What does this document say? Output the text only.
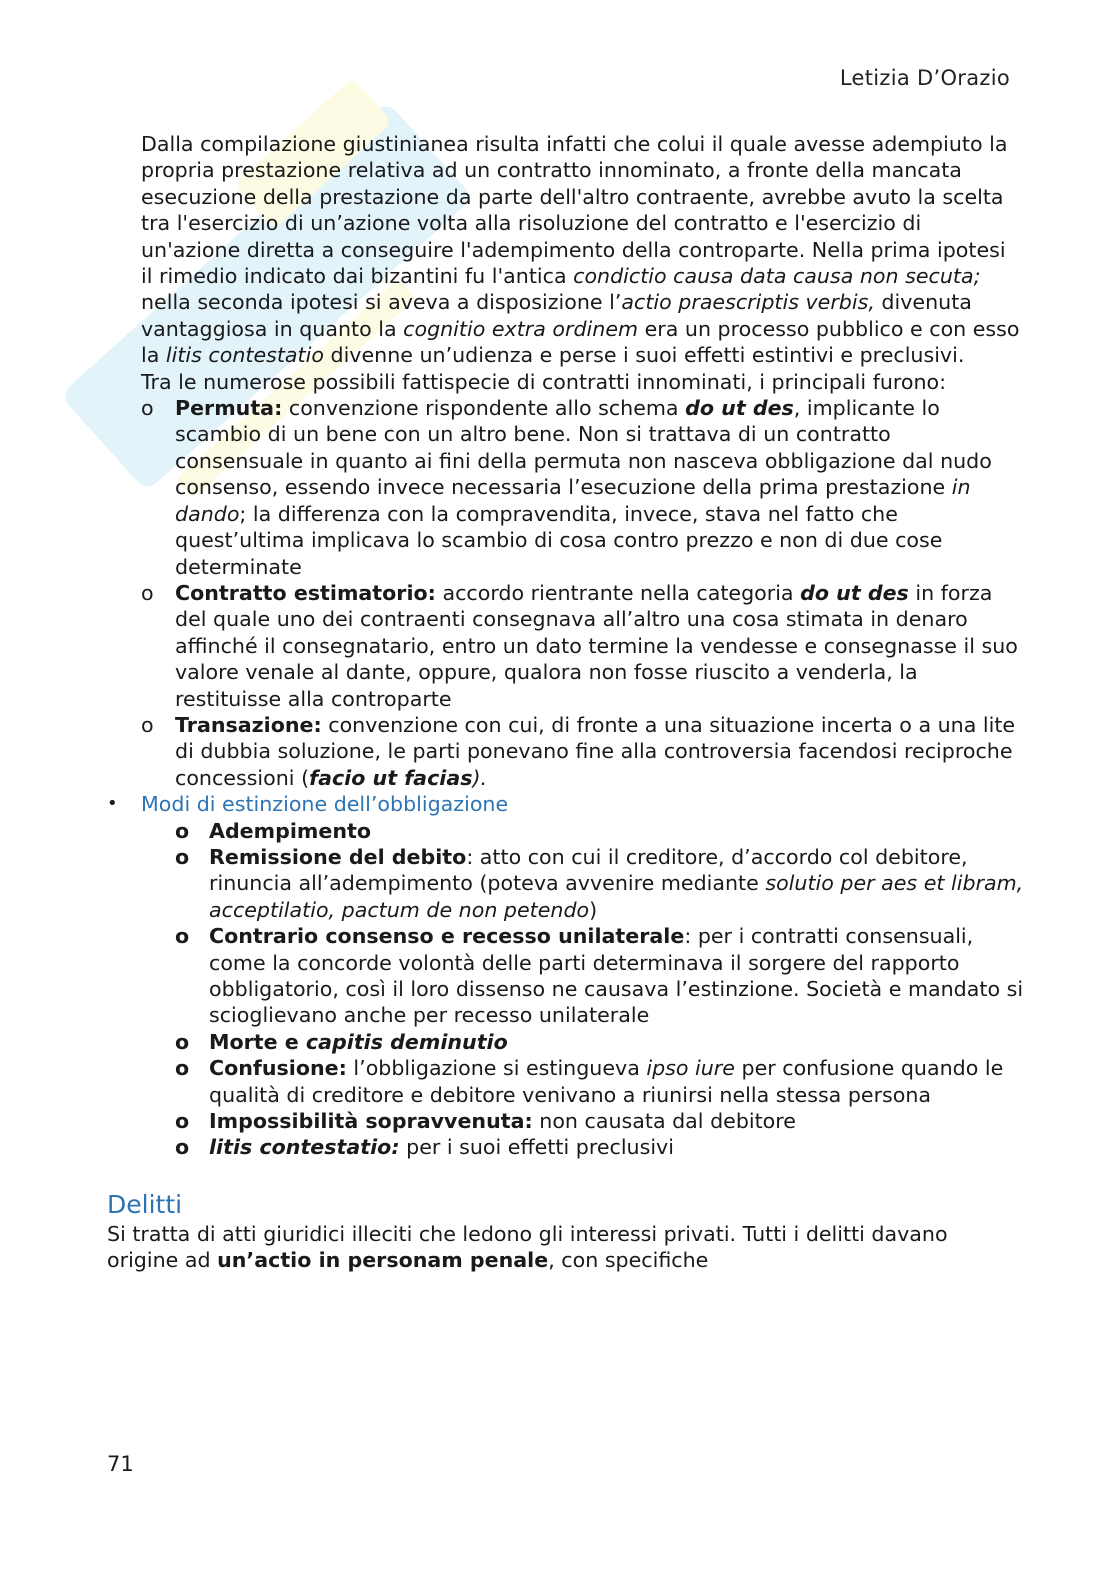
Letizia D’Orazio

Dalla compilazione giustinianea risulta infatti che colui il quale avesse adempiuto la propria prestazione relativa ad un contratto innominato, a fronte della mancata esecuzione della prestazione da parte dell'altro contraente, avrebbe avuto la scelta tra l'esercizio di un’azione volta alla risoluzione del contratto e l'esercizio di un'azione diretta a conseguire l'adempimento della controparte. Nella prima ipotesi il rimedio indicato dai bizantini fu l'antica condictio causa data causa non secuta; nella seconda ipotesi si aveva a disposizione l’actio praescriptis verbis, divenuta vantaggiosa in quanto la cognitio extra ordinem era un processo pubblico e con esso la litis contestatio divenne un’udienza e perse i suoi effetti estintivi e preclusivi.

Tra le numerose possibili fattispecie di contratti innominati, i principali furono:

o Permuta: convenzione rispondente allo schema do ut des, implicante lo scambio di un bene con un altro bene. Non si trattava di un contratto consensuale in quanto ai fini della permuta non nasceva obbligazione dal nudo consenso, essendo invece necessaria l’esecuzione della prima prestazione in dando; la differenza con la compravendita, invece, stava nel fatto che quest’ultima implicava lo scambio di cosa contro prezzo e non di due cose determinate
o Contratto estimatorio: accordo rientrante nella categoria do ut des in forza del quale uno dei contraenti consegnava all’altro una cosa stimata in denaro affinché il consegnatario, entro un dato termine la vendesse e consegnasse il suo valore venale al dante, oppure, qualora non fosse riuscito a venderla, la restituisse alla controparte
o Transazione: convenzione con cui, di fronte a una situazione incerta o a una lite di dubbia soluzione, le parti ponevano fine alla controversia facendosi reciproche concessioni (facio ut facias).
• Modi di estinzione dell’obbligazione
o Adempimento
o Remissione del debito: atto con cui il creditore, d’accordo col debitore, rinuncia all’adempimento (poteva avvenire mediante solutio per aes et libram, acceptilatio, pactum de non petendo)
o Contrario consenso e recesso unilaterale: per i contratti consensuali, come la concorde volontà delle parti determinava il sorgere del rapporto obbligatorio, così il loro dissenso ne causava l’estinzione. Società e mandato si scioglievano anche per recesso unilaterale
o Morte e capitis deminutio
o Confusione: l’obbligazione si estingueva ipso iure per confusione quando le qualità di creditore e debitore venivano a riunirsi nella stessa persona
o Impossibilità sopravvenuta: non causata dal debitore
o litis contestatio: per i suoi effetti preclusivi
Delitti
Si tratta di atti giuridici illeciti che ledono gli interessi privati. Tutti i delitti davano origine ad un’actio in personam penale, con specifiche
71
